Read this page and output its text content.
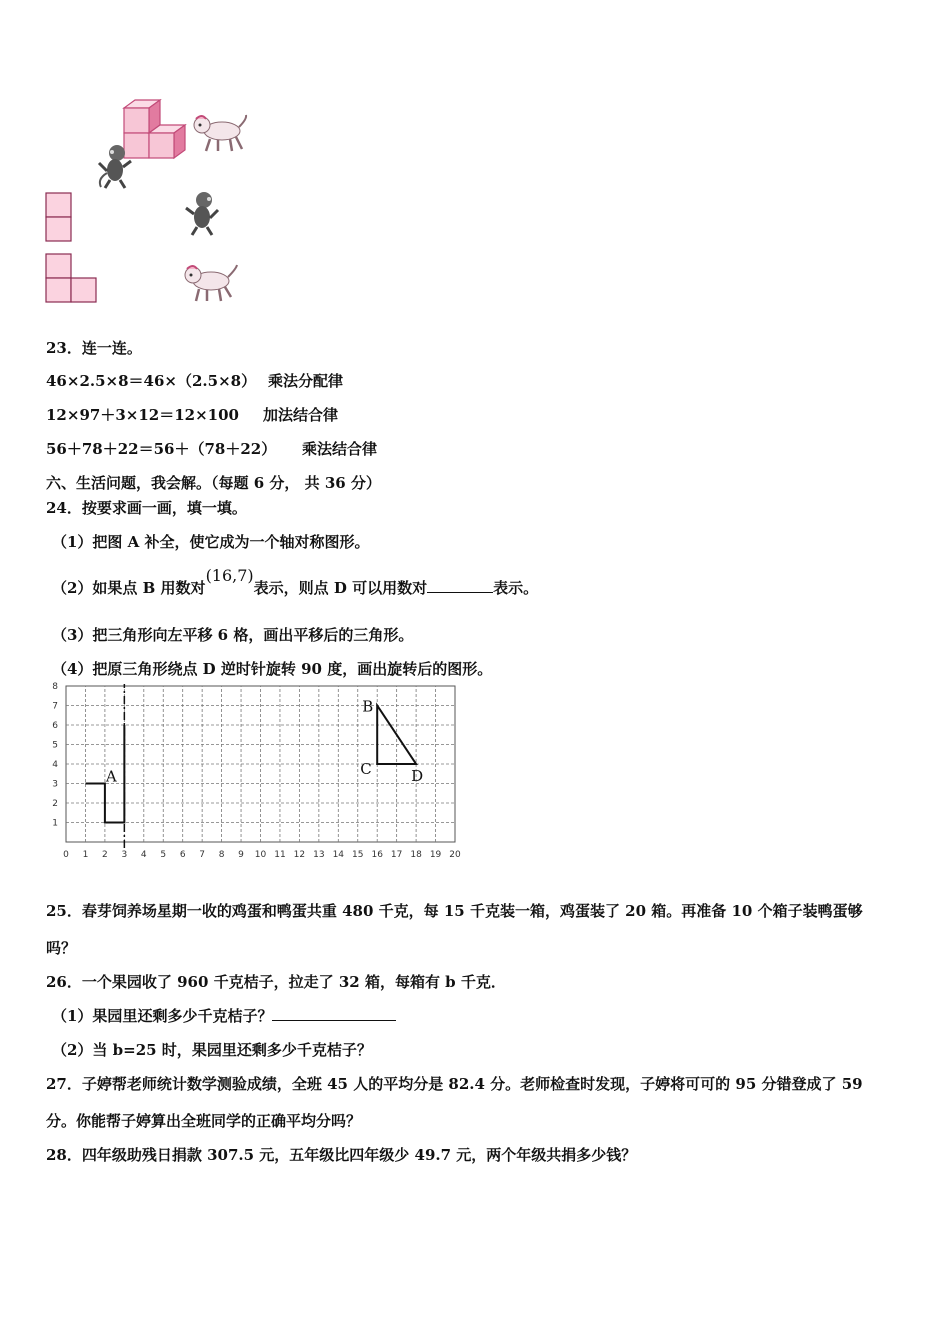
23．连一连。
46×2.5×8＝46×（2.5×8） 乘法分配律
12×97＋3×12＝12×100 加法结合律
56＋78＋22＝56＋（78＋22） 乘法结合律
六、生活问题，我会解。（每题 6 分， 共 36 分）
24．按要求画一画，填一填。
（1）把图 A 补全，使它成为一个轴对称图形。
（2）如果点 B 用数对(16,7)表示，则点 D 可以用数对	表示。
（3）把三角形向左平移 6 格，画出平移后的三角形。
（4）把原三角形绕点 D 逆时针旋转 90 度，画出旋转后的图形。
0 1 2 3 4 5 6 7 8 9 10 11 12 13 14 15 16 17 18 19 20
1
2
3
4
5
6
7
8
A
B
C	D
25．春芽饲养场星期一收的鸡蛋和鸭蛋共重 480 千克，每 15 千克装一箱，鸡蛋装了 20 箱。再准备 10 个箱子装鸭蛋够
吗？
26．一个果园收了 960 千克桔子，拉走了 32 箱，每箱有 b 千克．
（1）果园里还剩多少千克桔子？
（2）当 b=25 时，果园里还剩多少千克桔子？
27．子婷帮老师统计数学测验成绩，全班 45 人的平均分是 82.4 分。老师检查时发现，子婷将可可的 95 分错登成了 59
分。你能帮子婷算出全班同学的正确平均分吗？
28．四年级助残日捐款 307.5 元，五年级比四年级少 49.7 元，两个年级共捐多少钱？
